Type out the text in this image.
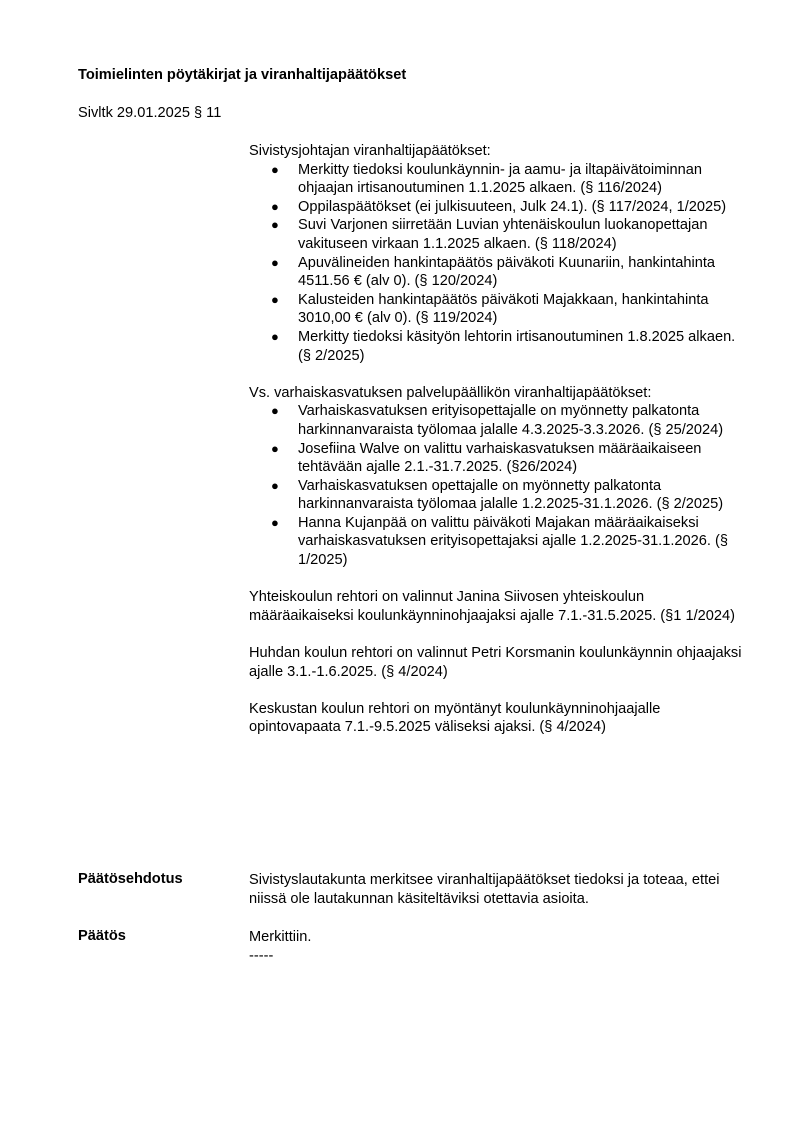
Toimielinten pöytäkirjat ja viranhaltijapäätökset
Sivltk 29.01.2025 § 11

Sivistysjohtajan viranhaltijapäätökset:

● Merkitty tiedoksi koulunkäynnin- ja aamu- ja iltapäivätoiminnan ohjaajan irtisanoutuminen 1.1.2025 alkaen. (§ 116/2024)
● Oppilaspäätökset (ei julkisuuteen, Julk 24.1). (§ 117/2024, 1/2025)
● Suvi Varjonen siirretään Luvian yhtenäiskoulun luokanopettajan vakituseen virkaan 1.1.2025 alkaen. (§ 118/2024)
● Apuvälineiden hankintapäätös päiväkoti Kuunariin, hankintahinta 4511.56 € (alv 0). (§ 120/2024)
● Kalusteiden hankintapäätös päiväkoti Majakkaan, hankintahinta 3010,00 € (alv 0). (§ 119/2024)
● Merkitty tiedoksi käsityön lehtorin irtisanoutuminen 1.8.2025 alkaen. (§ 2/2025)

Vs. varhaiskasvatuksen palvelupäällikön viranhaltijapäätökset:

● Varhaiskasvatuksen erityisopettajalle on myönnetty palkatonta harkinnanvaraista työlomaa jalalle 4.3.2025-3.3.2026. (§ 25/2024)
● Josefiina Walve on valittu varhaiskasvatuksen määräaikaiseen tehtävään ajalle 2.1.-31.7.2025. (§26/2024)
● Varhaiskasvatuksen opettajalle on myönnetty palkatonta harkinnanvaraista työlomaa jalalle 1.2.2025-31.1.2026. (§ 2/2025)
● Hanna Kujanpää on valittu päiväkoti Majakan määräaikaiseksi varhaiskasvatuksen erityisopettajaksi ajalle 1.2.2025-31.1.2026. (§ 1/2025)

Yhteiskoulun rehtori on valinnut Janina Siivosen yhteiskoulun määräaikaiseksi koulunkäynninohjaajaksi ajalle 7.1.-31.5.2025. (§1 1/2024)

Huhdan koulun rehtori on valinnut Petri Korsmanin koulunkäynnin ohjaajaksi ajalle 3.1.-1.6.2025. (§ 4/2024)

Keskustan koulun rehtori on myöntänyt koulunkäynninohjaajalle opintovapaata 7.1.-9.5.2025 väliseksi ajaksi. (§ 4/2024)

Päätösehdotus	Sivistyslautakunta merkitsee viranhaltijapäätökset tiedoksi ja toteaa, ettei niissä ole lautakunnan käsiteltäviksi otettavia asioita.
Päätös	Merkittiin.
-----
